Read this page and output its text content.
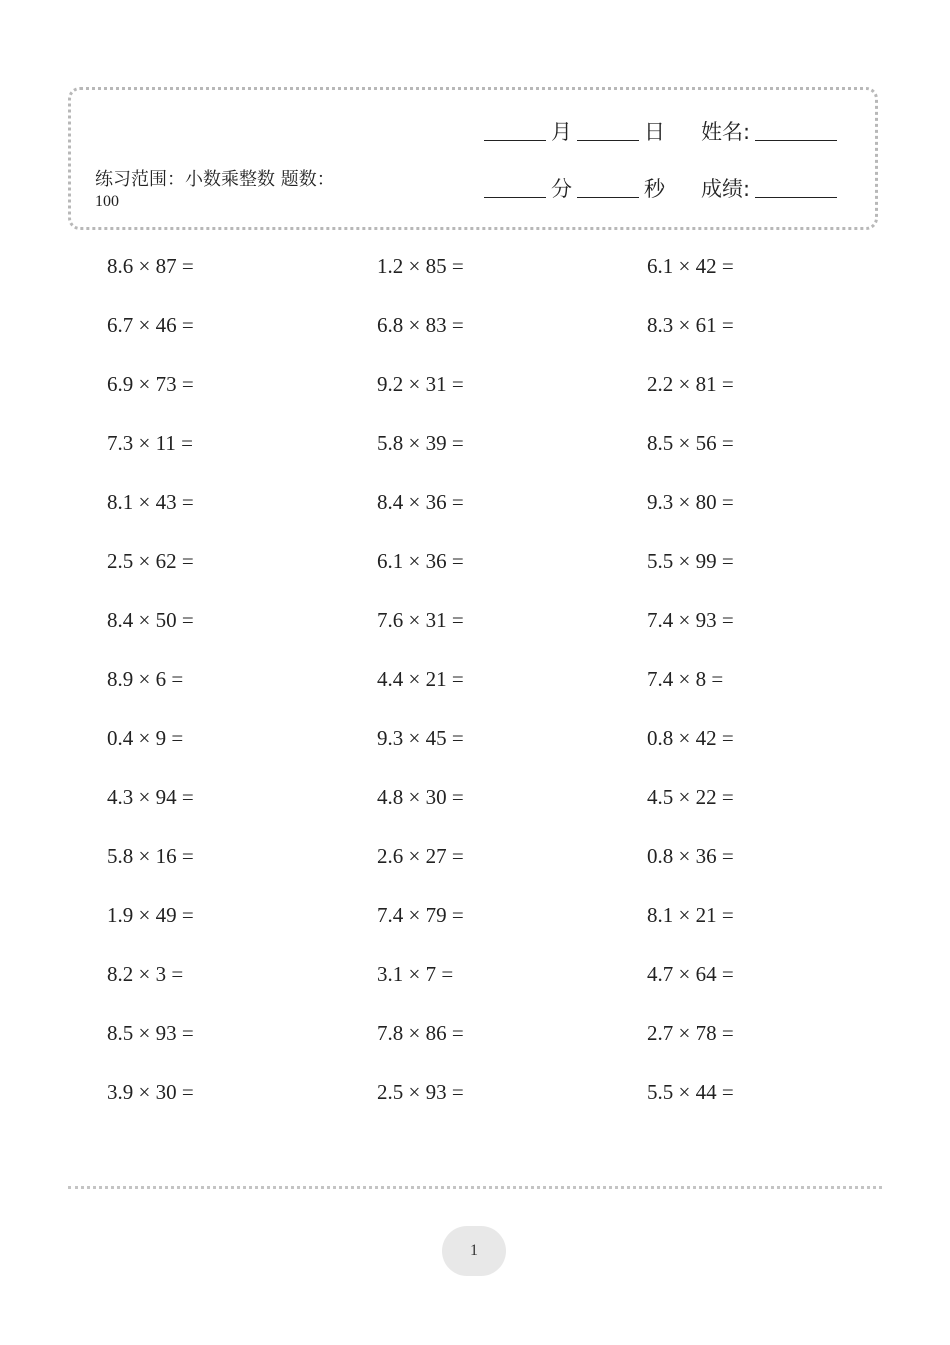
练习范围：小数乘整数 题数：
100
月	日 姓名:
分	秒 成绩:
8.6 × 87 =	1.2 × 85 =	6.1 × 42 =
6.7 × 46 =	6.8 × 83 =	8.3 × 61 =
6.9 × 73 =	9.2 × 31 =	2.2 × 81 =
7.3 × 11 =	5.8 × 39 =	8.5 × 56 =
8.1 × 43 =	8.4 × 36 =	9.3 × 80 =
2.5 × 62 =	6.1 × 36 =	5.5 × 99 =
8.4 × 50 =	7.6 × 31 =	7.4 × 93 =
8.9 × 6 =	4.4 × 21 =	7.4 × 8 =
0.4 × 9 =	9.3 × 45 =	0.8 × 42 =
4.3 × 94 =	4.8 × 30 =	4.5 × 22 =
5.8 × 16 =	2.6 × 27 =	0.8 × 36 =
1.9 × 49 =	7.4 × 79 =	8.1 × 21 =
8.2 × 3 =	3.1 × 7 =	4.7 × 64 =
8.5 × 93 =	7.8 × 86 =	2.7 × 78 =
3.9 × 30 =	2.5 × 93 =	5.5 × 44 =
1
